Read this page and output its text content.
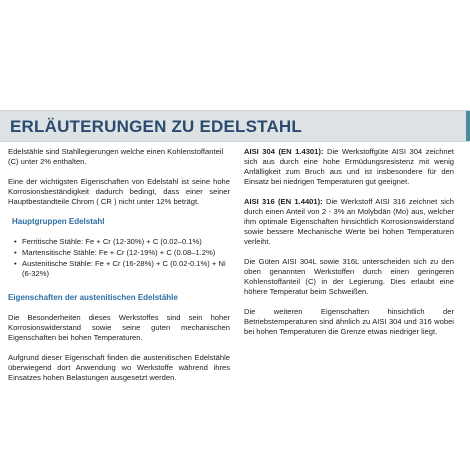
ERLÄUTERUNGEN ZU EDELSTAHL

Edelstähle sind Stahllegierungen welche einen Kohlenstoffanteil (C) unter 2% enthalten.

Eine der wichtigsten Eigenschaften von Edelstahl ist seine hohe Korrosionsbeständigkeit dadurch bedingt, dass einer seiner Hauptbestandteile Chrom ( CR ) nicht unter 12% beträgt.

Hauptgruppen Edelstahl
• Ferritische Stähle: Fe + Cr (12-30%) + C (0.02–0.1%)
• Martensitische Stähle: Fe + Cr (12-19%) + C (0.08–1.2%)
• Austenitische Stähle: Fe + Cr (16-28%) + C (0.02-0.1%) + Ni (6-32%)
Eigenschaften der austenitischen Edelstähle

Die Besonderheiten dieses Werkstoffes sind sein hoher Korrosionswiderstand sowie seine guten mechanischen Eigenschaften bei hohen Temperaturen.

Aufgrund dieser Eigenschaft finden die austenitischen Edelstähle überwiegend dort Anwendung wo Werkstoffe während ihres Einsatzes hohen Belastungen ausgesetzt werden.

AISI 304 (EN 1.4301): Die Werkstoffgüte AISI 304 zeichnet sich aus durch eine hohe Ermüdungsresistenz mit wenig Anfälligkeit zum Bruch aus und ist insbesondere für den Einsatz bei niedrigen Temperaturen gut geeignet.

AISI 316 (EN 1.4401): Die Werkstoff AISI 316 zeichnet sich durch einen Anteil von 2 - 3% an Molybdän (Mo) aus, welcher ihm optimale Eigenschaften hinsichtlich Korrosionswiderstand sowie bessere Mechanische Werte bei hohen Temperaturen verleiht.

Die Güten AISI 304L sowie 316L unterscheiden sich zu den oben genannten Werkstoffen durch einen geringeren Kohlenstoffanteil (C) in der Legierung. Dies erlaubt eine höhere Temperatur beim Schweißen.

Die weiteren Eigenschaften hinsichtlich der Betriebstemperaturen sind ähnlich zu AISI 304 und 316 wobei bei hohen Temperaturen die Grenze etwas niedriger liegt.
